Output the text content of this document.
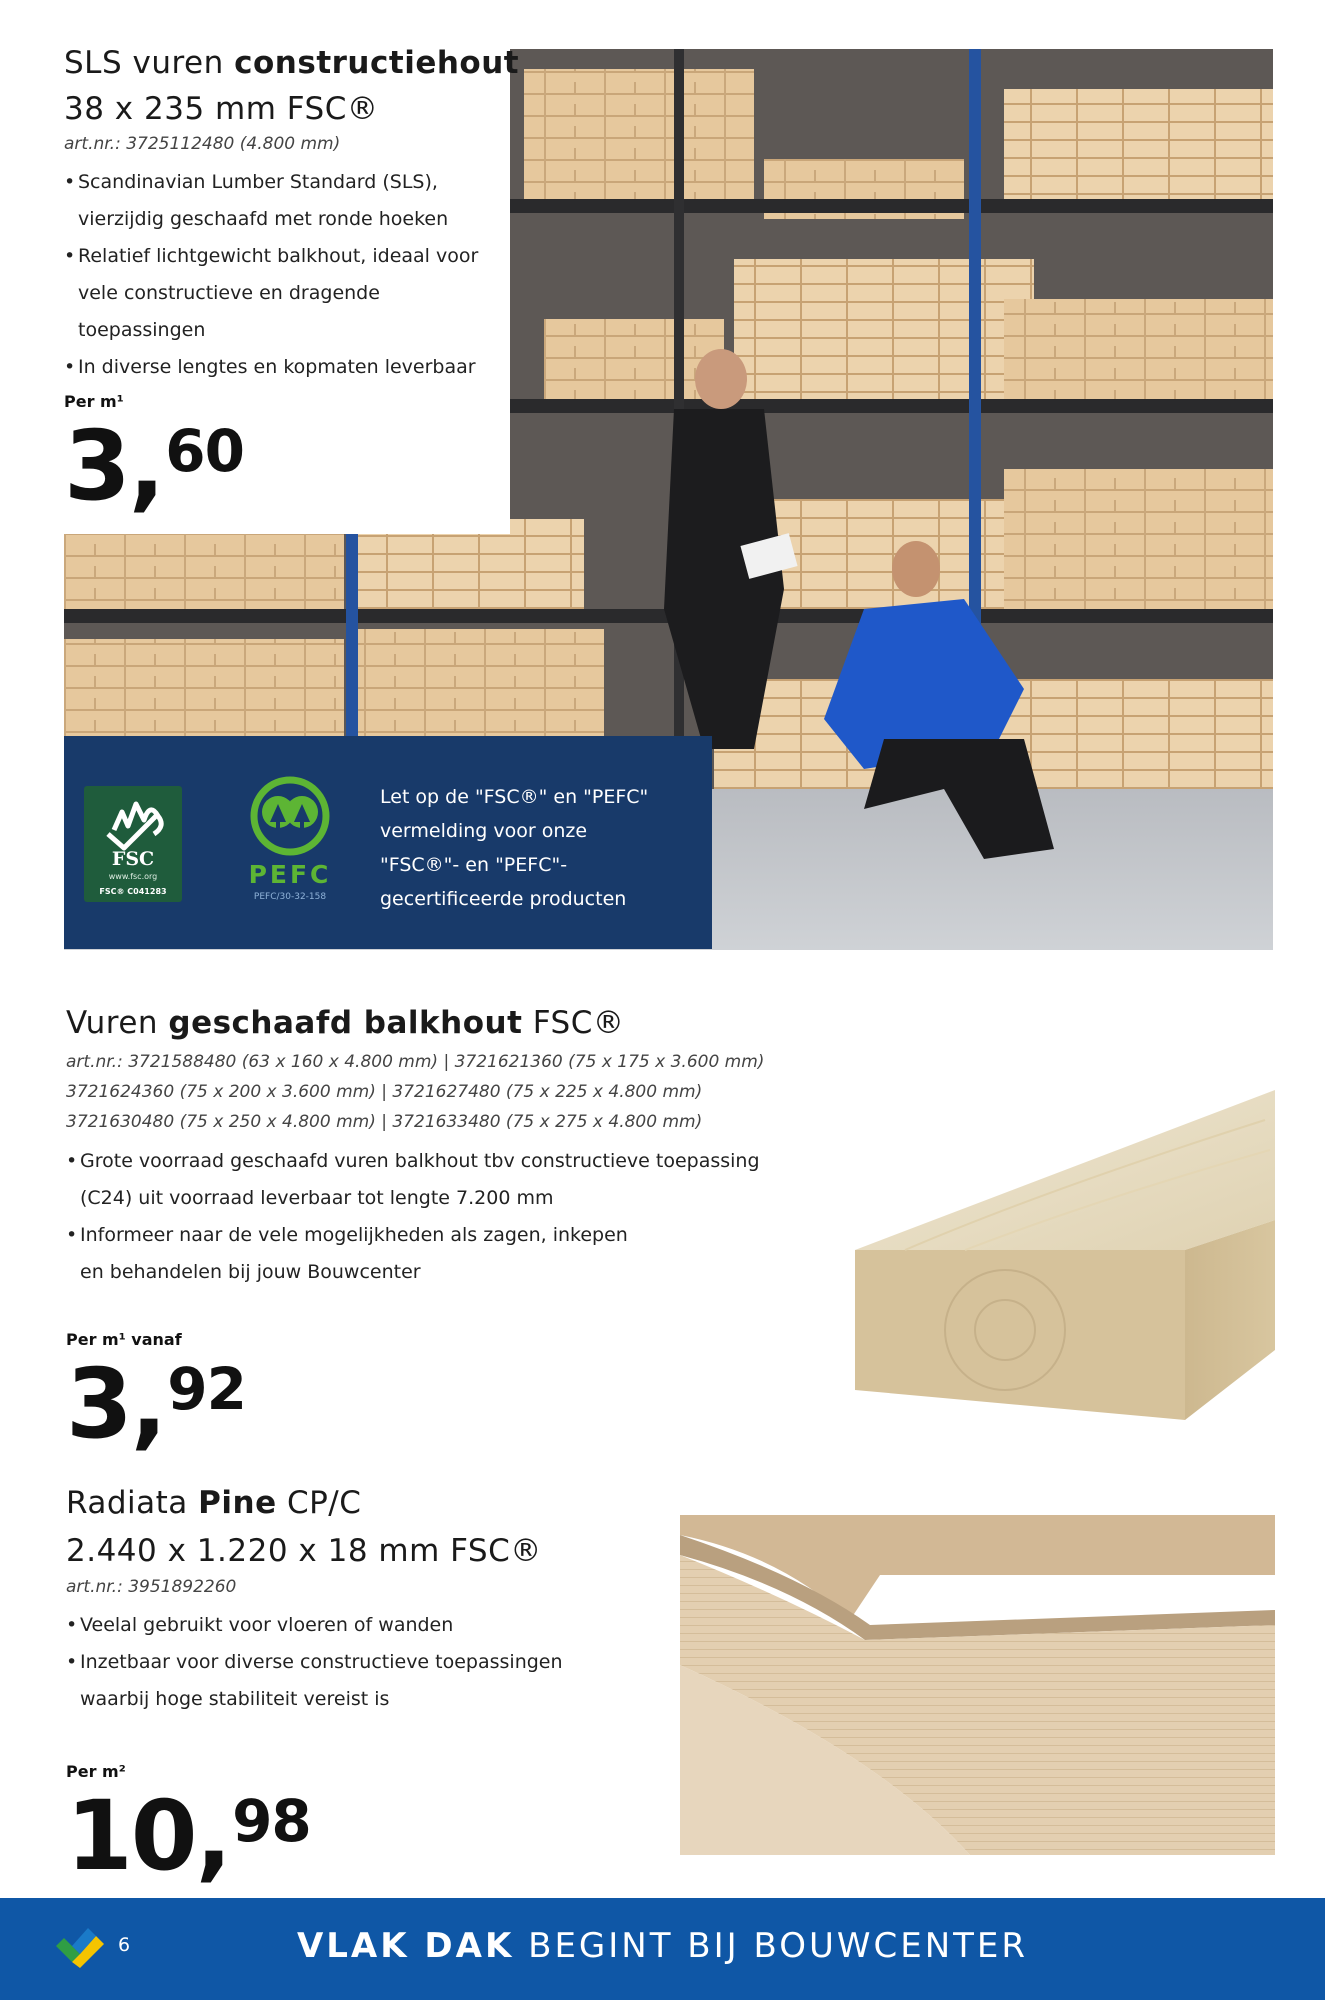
SLS vuren constructiehout
38 x 235 mm FSC®
art.nr.: 3725112480 (4.800 mm)
• Scandinavian Lumber Standard (SLS),
vierzijdig geschaafd met ronde hoeken
• Relatief lichtgewicht balkhout, ideaal voor
vele constructieve en dragende toepassingen
• In diverse lengtes en kopmaten leverbaar
Per m¹
3,60
FSC
www.fsc.org
FSC® C041283
PEFC
PEFC/30-32-158
Let op de "FSC®" en "PEFC"
vermelding voor onze
"FSC®"- en "PEFC"-
gecertificeerde producten
Vuren geschaafd balkhout FSC®
art.nr.: 3721588480 (63 x 160 x 4.800 mm) | 3721621360 (75 x 175 x 3.600 mm)
3721624360 (75 x 200 x 3.600 mm) | 3721627480 (75 x 225 x 4.800 mm)
3721630480 (75 x 250 x 4.800 mm) | 3721633480 (75 x 275 x 4.800 mm)
• Grote voorraad geschaafd vuren balkhout tbv constructieve toepassing
(C24) uit voorraad leverbaar tot lengte 7.200 mm
• Informeer naar de vele mogelijkheden als zagen, inkepen
en behandelen bij jouw Bouwcenter
Per m¹ vanaf
3,92
Radiata Pine CP/C
2.440 x 1.220 x 18 mm FSC®
art.nr.: 3951892260
• Veelal gebruikt voor vloeren of wanden
• Inzetbaar voor diverse constructieve toepassingen
waarbij hoge stabiliteit vereist is
Per m²
10,98
6	VLAK DAK BEGINT BIJ BOUWCENTER
